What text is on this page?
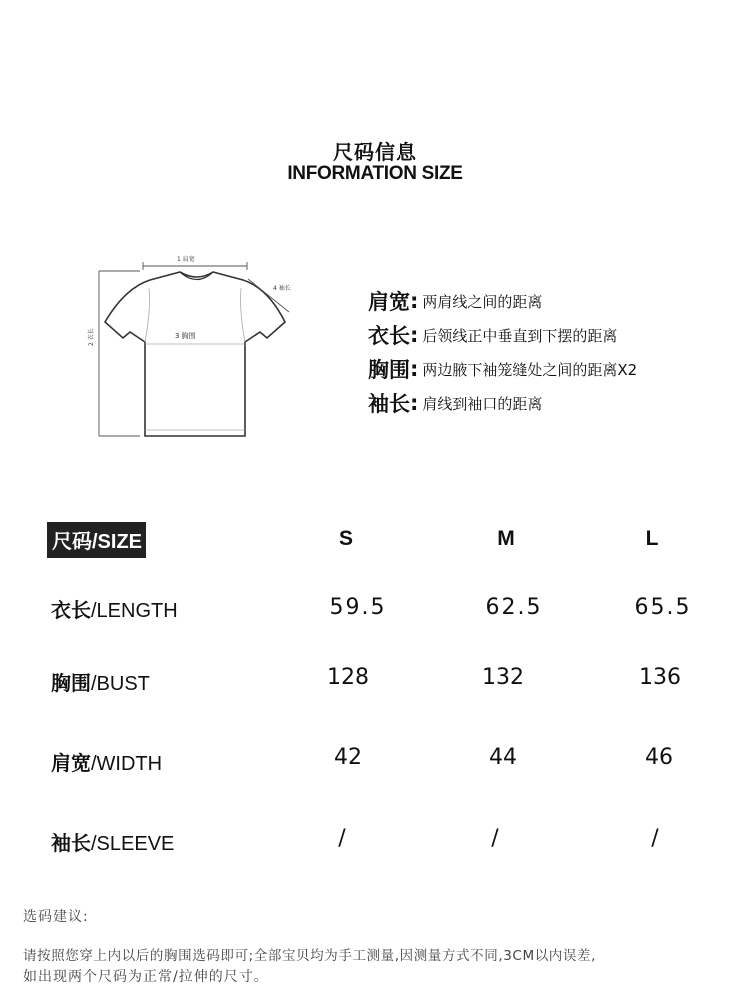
尺码信息
INFORMATION SIZE
1 肩宽
3 胸围
4 袖长
2 衣长
肩宽 : 两肩线之间的距离
衣长 : 后领线正中垂直到下摆的距离
胸围 : 两边腋下袖笼缝处之间的距离X2
袖长 : 肩线到袖口的距离
尺码/SIZE	S	M	L
衣长/LENGTH	59.5	62.5	65.5
胸围/BUST	128	132	136
肩宽/WIDTH	42	44	46
袖长/SLEEVE	/	/	/
选码建议:
请按照您穿上内以后的胸围选码即可;全部宝贝均为手工测量,因测量方式不同,3CM以内误差,
如出现两个尺码为正常/拉伸的尺寸。
